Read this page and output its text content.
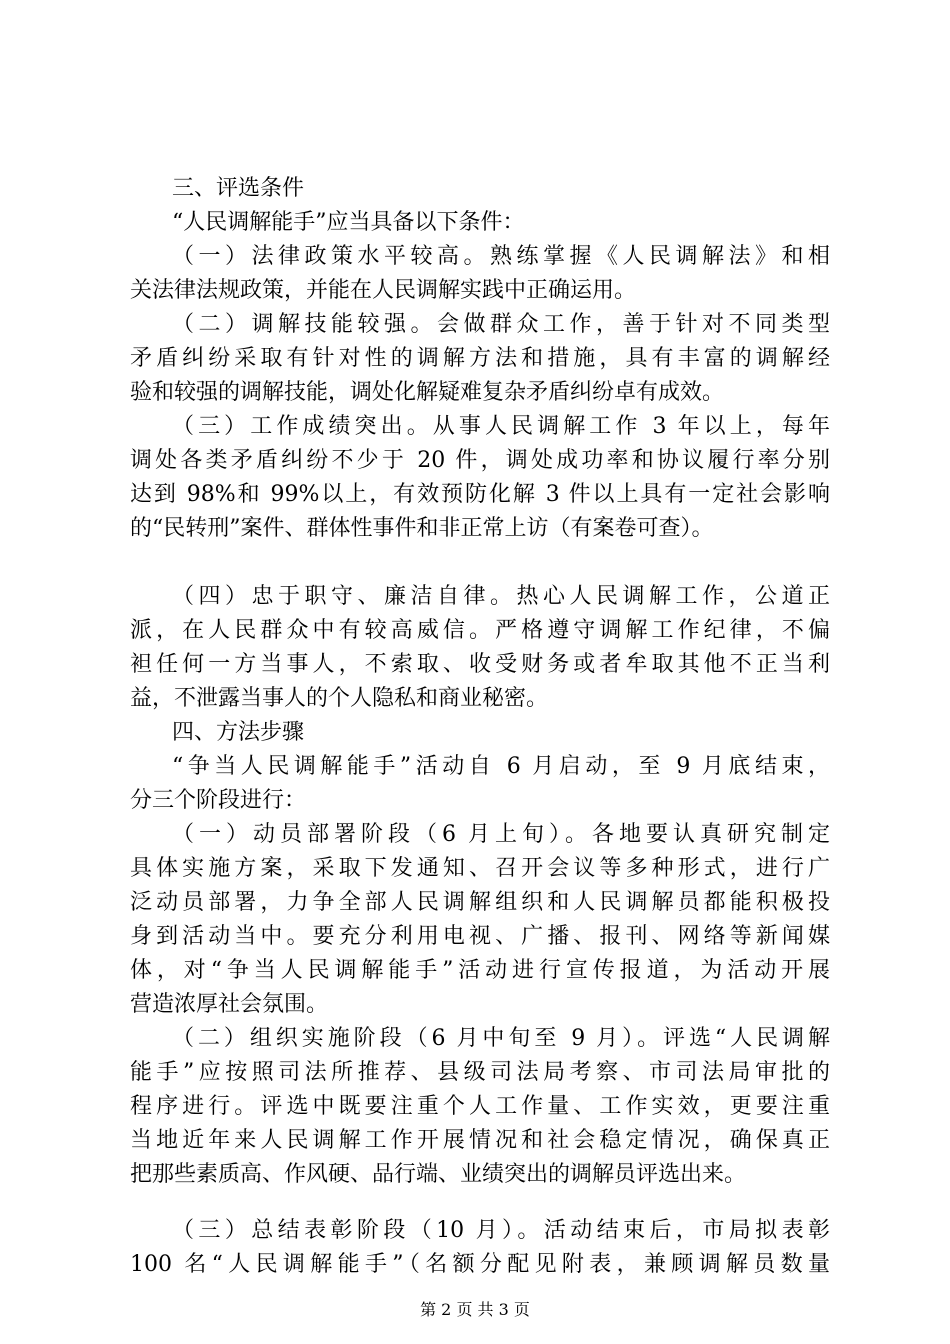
三、评选条件
“人民调解能手”应当具备以下条件：
（一）法律政策水平较高。熟练掌握《人民调解法》和相
关法律法规政策，并能在人民调解实践中正确运用。
（二）调解技能较强。会做群众工作，善于针对不同类型
矛盾纠纷采取有针对性的调解方法和措施，具有丰富的调解经
验和较强的调解技能，调处化解疑难复杂矛盾纠纷卓有成效。
（三）工作成绩突出。从事人民调解工作 3 年以上，每年
调处各类矛盾纠纷不少于 20 件，调处成功率和协议履行率分别
达到 98%和 99%以上，有效预防化解 3 件以上具有一定社会影响
的“民转刑”案件、群体性事件和非正常上访（有案卷可查）。
（四）忠于职守、廉洁自律。热心人民调解工作，公道正
派，在人民群众中有较高威信。严格遵守调解工作纪律，不偏
袒任何一方当事人，不索取、收受财务或者牟取其他不正当利
益，不泄露当事人的个人隐私和商业秘密。
四、方法步骤
“争当人民调解能手”活动自 6 月启动，至 9 月底结束，
分三个阶段进行：
（一）动员部署阶段（6 月上旬）。各地要认真研究制定
具体实施方案，采取下发通知、召开会议等多种形式，进行广
泛动员部署，力争全部人民调解组织和人民调解员都能积极投
身到活动当中。要充分利用电视、广播、报刊、网络等新闻媒
体，对“争当人民调解能手”活动进行宣传报道，为活动开展
营造浓厚社会氛围。
（二）组织实施阶段（6 月中旬至 9 月）。评选“人民调解
能手”应按照司法所推荐、县级司法局考察、市司法局审批的
程序进行。评选中既要注重个人工作量、工作实效，更要注重
当地近年来人民调解工作开展情况和社会稳定情况，确保真正
把那些素质高、作风硬、品行端、业绩突出的调解员评选出来。
（三）总结表彰阶段（10 月）。活动结束后，市局拟表彰
100 名“人民调解能手”（名额分配见附表，兼顾调解员数量
第 2 页 共 3 页
